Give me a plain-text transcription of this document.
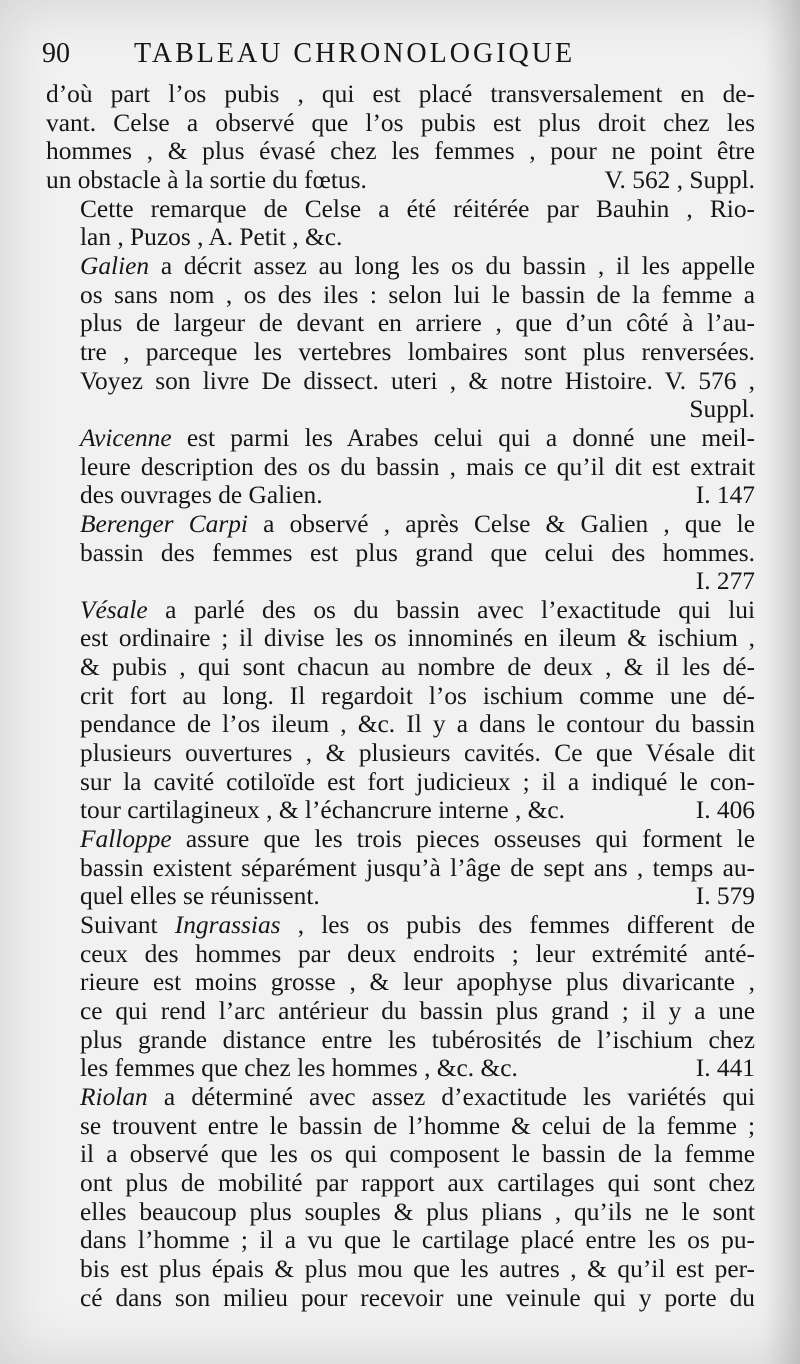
90 TABLEAU CHRONOLOGIQUE

d’où part l’os pubis , qui est placé transversalement en de-
vant. Celse a observé que l’os pubis est plus droit chez les
hommes , & plus évasé chez les femmes , pour ne point être
un obstacle à la sortie du fœtus.	V. 562 , Suppl.

Cette remarque de Celse a été réitérée par Bauhin , Rio-
lan , Puzos , A. Petit , &c.

Galien a décrit assez au long les os du bassin , il les appelle
os sans nom , os des iles : selon lui le bassin de la femme a
plus de largeur de devant en arriere , que d’un côté à l’au-
tre , parceque les vertebres lombaires sont plus renversées.
Voyez son livre De dissect. uteri , & notre Histoire. V. 576 ,
Suppl.

Avicenne est parmi les Arabes celui qui a donné une meil-
leure description des os du bassin , mais ce qu’il dit est extrait
des ouvrages de Galien.	I. 147

Berenger Carpi a observé , après Celse & Galien , que le
bassin des femmes est plus grand que celui des hommes.
I. 277

Vésale a parlé des os du bassin avec l’exactitude qui lui
est ordinaire ; il divise les os innominés en ileum & ischium ,
& pubis , qui sont chacun au nombre de deux , & il les dé-
crit fort au long. Il regardoit l’os ischium comme une dé-
pendance de l’os ileum , &c. Il y a dans le contour du bassin
plusieurs ouvertures , & plusieurs cavités. Ce que Vésale dit
sur la cavité cotiloïde est fort judicieux ; il a indiqué le con-
tour cartilagineux , & l’échancrure interne , &c.	I. 406

Falloppe assure que les trois pieces osseuses qui forment le
bassin existent séparément jusqu’à l’âge de sept ans , temps au-
quel elles se réunissent.	I. 579

Suivant Ingrassias , les os pubis des femmes different de
ceux des hommes par deux endroits ; leur extrémité anté-
rieure est moins grosse , & leur apophyse plus divaricante ,
ce qui rend l’arc antérieur du bassin plus grand ; il y a une
plus grande distance entre les tubérosités de l’ischium chez
les femmes que chez les hommes , &c. &c.	I. 441

Riolan a déterminé avec assez d’exactitude les variétés qui
se trouvent entre le bassin de l’homme & celui de la femme ;
il a observé que les os qui composent le bassin de la femme
ont plus de mobilité par rapport aux cartilages qui sont chez
elles beaucoup plus souples & plus plians , qu’ils ne le sont
dans l’homme ; il a vu que le cartilage placé entre les os pu-
bis est plus épais & plus mou que les autres , & qu’il est per-
cé dans son milieu pour recevoir une veinule qui y porte du
